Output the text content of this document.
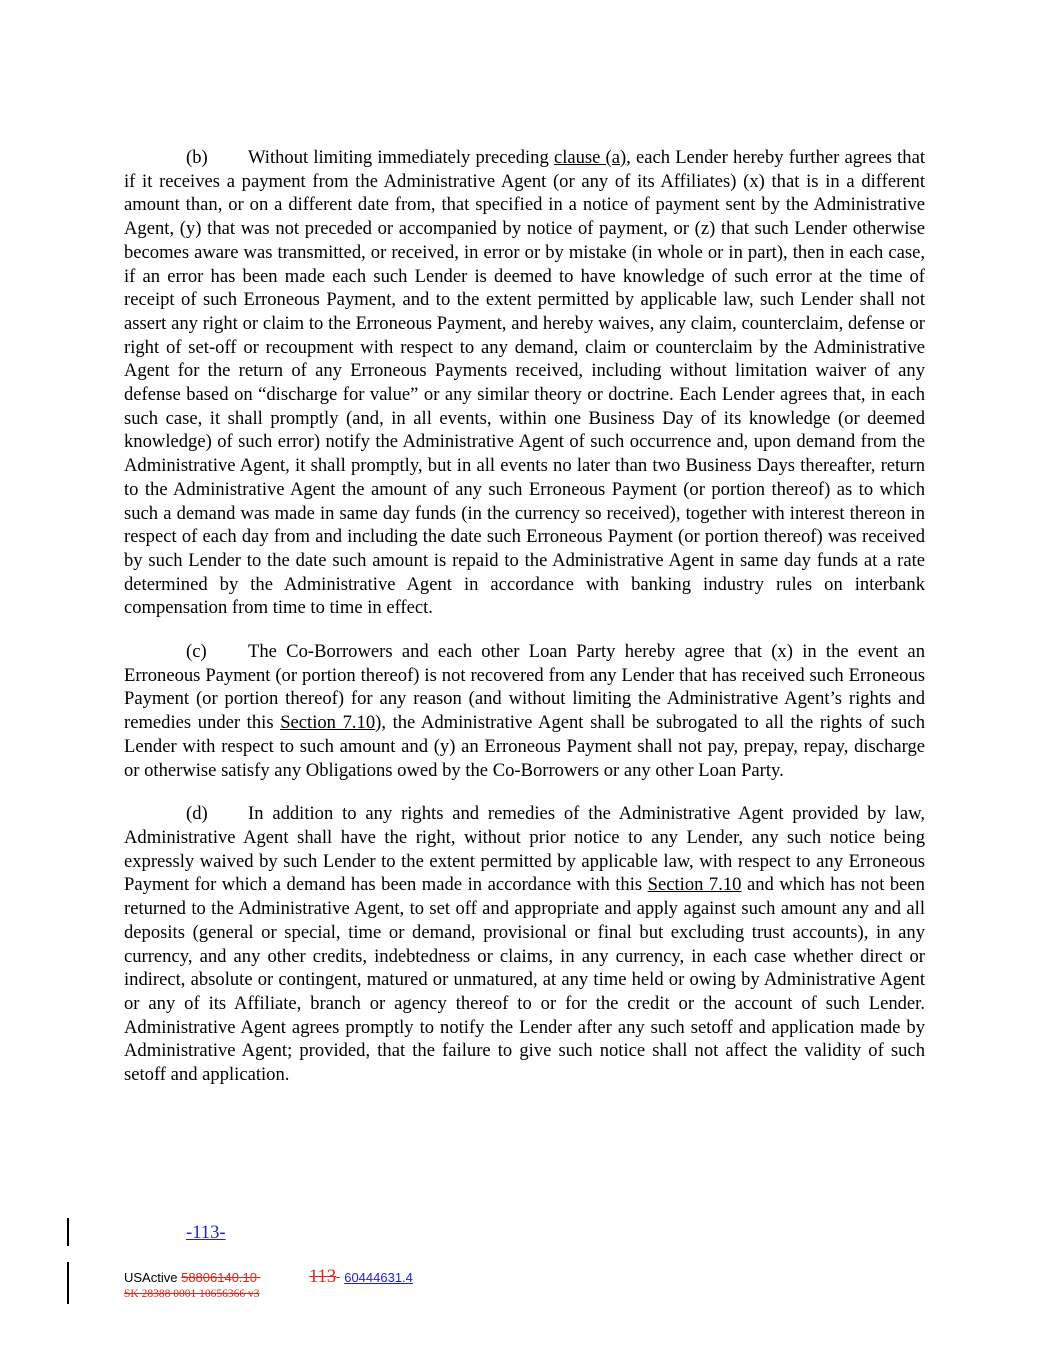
(b) Without limiting immediately preceding clause (a), each Lender hereby further agrees that if it receives a payment from the Administrative Agent (or any of its Affiliates) (x) that is in a different amount than, or on a different date from, that specified in a notice of payment sent by the Administrative Agent, (y) that was not preceded or accompanied by notice of payment, or (z) that such Lender otherwise becomes aware was transmitted, or received, in error or by mistake (in whole or in part), then in each case, if an error has been made each such Lender is deemed to have knowledge of such error at the time of receipt of such Erroneous Payment, and to the extent permitted by applicable law, such Lender shall not assert any right or claim to the Erroneous Payment, and hereby waives, any claim, counterclaim, defense or right of set-off or recoupment with respect to any demand, claim or counterclaim by the Administrative Agent for the return of any Erroneous Payments received, including without limitation waiver of any defense based on “discharge for value” or any similar theory or doctrine. Each Lender agrees that, in each such case, it shall promptly (and, in all events, within one Business Day of its knowledge (or deemed knowledge) of such error) notify the Administrative Agent of such occurrence and, upon demand from the Administrative Agent, it shall promptly, but in all events no later than two Business Days thereafter, return to the Administrative Agent the amount of any such Erroneous Payment (or portion thereof) as to which such a demand was made in same day funds (in the currency so received), together with interest thereon in respect of each day from and including the date such Erroneous Payment (or portion thereof) was received by such Lender to the date such amount is repaid to the Administrative Agent in same day funds at a rate determined by the Administrative Agent in accordance with banking industry rules on interbank compensation from time to time in effect.

(c) The Co-Borrowers and each other Loan Party hereby agree that (x) in the event an Erroneous Payment (or portion thereof) is not recovered from any Lender that has received such Erroneous Payment (or portion thereof) for any reason (and without limiting the Administrative Agent’s rights and remedies under this Section 7.10), the Administrative Agent shall be subrogated to all the rights of such Lender with respect to such amount and (y) an Erroneous Payment shall not pay, prepay, repay, discharge or otherwise satisfy any Obligations owed by the Co-Borrowers or any other Loan Party.

(d) In addition to any rights and remedies of the Administrative Agent provided by law, Administrative Agent shall have the right, without prior notice to any Lender, any such notice being expressly waived by such Lender to the extent permitted by applicable law, with respect to any Erroneous Payment for which a demand has been made in accordance with this Section 7.10 and which has not been returned to the Administrative Agent, to set off and appropriate and apply against such amount any and all deposits (general or special, time or demand, provisional or final but excluding trust accounts), in any currency, and any other credits, indebtedness or claims, in any currency, in each case whether direct or indirect, absolute or contingent, matured or unmatured, at any time held or owing by Administrative Agent or any of its Affiliate, branch or agency thereof to or for the credit or the account of such Lender. Administrative Agent agrees promptly to notify the Lender after any such setoff and application made by Administrative Agent; provided, that the failure to give such notice shall not affect the validity of such setoff and application.

-113-
USActive 58806140.10	113 60444631.4
SK 28388 0001 10656366 v3
